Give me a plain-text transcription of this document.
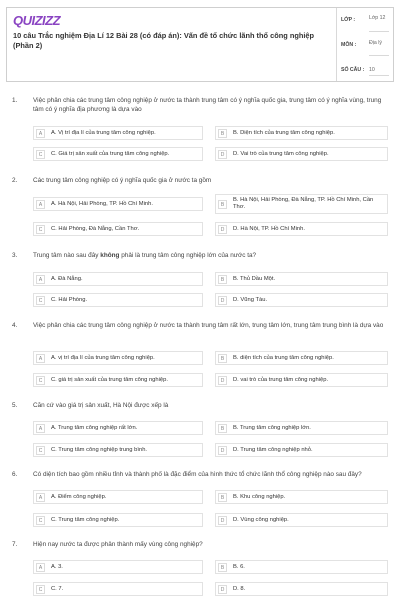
QUIZIZZ
10 câu Trắc nghiệm Địa Lí 12 Bài 28 (có đáp án): Vấn đề tổ chức lãnh thổ công nghiệp (Phần 2)
LỚP :	Lớp 12
MÔN : Địa lý
SỐ CÂU : 10
1. Việc phân chia các trung tâm công nghiệp ở nước ta thành trung tâm có ý nghĩa quốc gia, trung tâm có ý nghĩa vùng, trung tâm có ý nghĩa địa phương là dựa vào
A	A. Vị trí địa lí của trung tâm công nghiệp.	B	B. Diện tích của trung tâm công nghiệp.
C	C. Giá trị sản xuất của trung tâm công nghiệp.	D	D. Vai trò của trung tâm công nghiệp.
2. Các trung tâm công nghiệp có ý nghĩa quốc gia ở nước ta gồm
A	A. Hà Nội, Hải Phòng, TP. Hồ Chí Minh.	B
B. Hà Nội, Hải Phòng, Đà Nẵng, TP. Hồ Chí Minh, Cần Thơ.
C	C. Hải Phòng, Đà Nẵng, Cần Thơ.	D	D. Hà Nội, TP. Hồ Chí Minh.
3. Trung tâm nào sau đây không phải là trung tâm công nghiệp lớn của nước ta?
A	A. Đà Nẵng.	B	B. Thủ Dầu Một.
C	C. Hải Phòng.	D	D. Vũng Tàu.
4. Việc phân chia các trung tâm công nghiệp ở nước ta thành trung tâm rất lớn, trung tâm lớn, trung tâm trung bình là dựa vào
A	A. vị trí địa lí của trung tâm công nghiệp.	B	B. diện tích của trung tâm công nghiệp.
C	C. giá trị sản xuất của trung tâm công nghiệp.	D	D. vai trò của trung tâm công nghiệp.
5. Căn cứ vào giá trị sản xuất, Hà Nội được xếp là
A	A. Trung tâm công nghiệp rất lớn.	B	B. Trung tâm công nghiệp lớn.
C	C. Trung tâm công nghiệp trung bình.	D	D. Trung tâm công nghiệp nhỏ.
6. Có diện tích bao gồm nhiều tỉnh và thành phố là đặc điểm của hình thức tổ chức lãnh thổ công nghiệp nào sau đây?
A	A. Điểm công nghiệp.	B	B. Khu công nghiệp.
C	C. Trung tâm công nghiệp.	D	D. Vùng công nghiệp.
7. Hiện nay nước ta được phân thành mấy vùng công nghiệp?
A	A. 3.	B	B. 6.
C	C. 7.	D	D. 8.
